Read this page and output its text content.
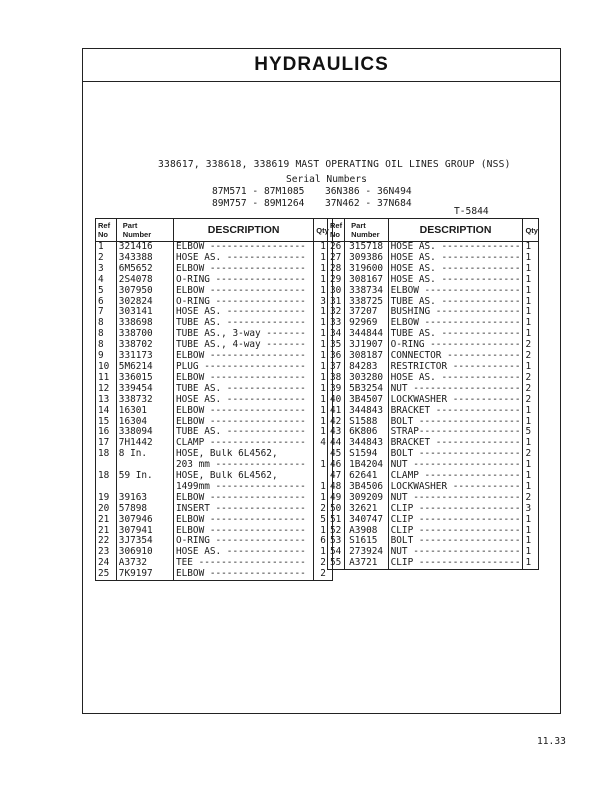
HYDRAULICS
338617, 338618, 338619 MAST OPERATING OIL LINES GROUP (NSS)
Serial Numbers
87M571 - 87M1085 36N386 - 36N494
89M757 - 89M1264 37N462 - 37N684
T-5844
Ref
No	Part
Number	DESCRIPTION	Qty

1	321416	ELBOW -----------------	1
2	343388	HOSE AS. --------------	1
3	6M5652	ELBOW -----------------	1
4	2S4078	O-RING ----------------	1
5	307950	ELBOW -----------------	1
6	302824	O-RING ----------------	3
7	303141	HOSE AS. --------------	1
8	338698	TUBE AS. --------------	1
8	338700	TUBE AS., 3-way -------	1
8	338702	TUBE AS., 4-way -------	1
9	331173	ELBOW -----------------	1
10	5M6214	PLUG ------------------	1
11	336015	ELBOW -----------------	1
12	339454	TUBE AS. --------------	1
13	338732	HOSE AS. --------------	1
14	16301	ELBOW -----------------	1
15	16304	ELBOW -----------------	1
16	338094	TUBE AS. --------------	1
17	7H1442	CLAMP -----------------	4
18	8 In.	HOSE, Bulk 6L4562,	
		203 mm ----------------	1
18	59 In.	HOSE, Bulk 6L4562,	
		1499mm ----------------	1
19	39163	ELBOW -----------------	1
20	57898	INSERT ----------------	2
21	307946	ELBOW -----------------	5
21	307941	ELBOW -----------------	1
22	3J7354	O-RING ----------------	6
23	306910	HOSE AS. --------------	1
24	A3732	TEE -------------------	2
25	7K9197	ELBOW -----------------	2
Ref
No	Part
Number	DESCRIPTION	Qty

26	315718	HOSE AS. --------------	1
27	309386	HOSE AS. --------------	1
28	319600	HOSE AS. --------------	1
29	308167	HOSE AS. --------------	1
30	338734	ELBOW -----------------	1
31	338725	TUBE AS. --------------	1
32	37207	BUSHING ---------------	1
33	92969	ELBOW -----------------	1
34	344844	TUBE AS. --------------	1
35	3J1907	O-RING ----------------	2
36	308187	CONNECTOR -------------	2
37	84283	RESTRICTOR ------------	1
38	303280	HOSE AS. --------------	2
39	5B3254	NUT -------------------	2
40	3B4507	LOCKWASHER ------------	2
41	344843	BRACKET ---------------	1
42	S1588	BOLT ------------------	1
43	6K806	STRAP------------------	5
44	344843	BRACKET ---------------	1
45	S1594	BOLT ------------------	2
46	1B4204	NUT -------------------	1
47	62641	CLAMP -----------------	1
48	3B4506	LOCKWASHER ------------	1
49	309209	NUT -------------------	2
50	32621	CLIP ------------------	3
51	340747	CLIP ------------------	1
52	A3908	CLIP ------------------	1
53	S1615	BOLT ------------------	1
54	273924	NUT -------------------	1
55	A3721	CLIP ------------------	1
11.33
